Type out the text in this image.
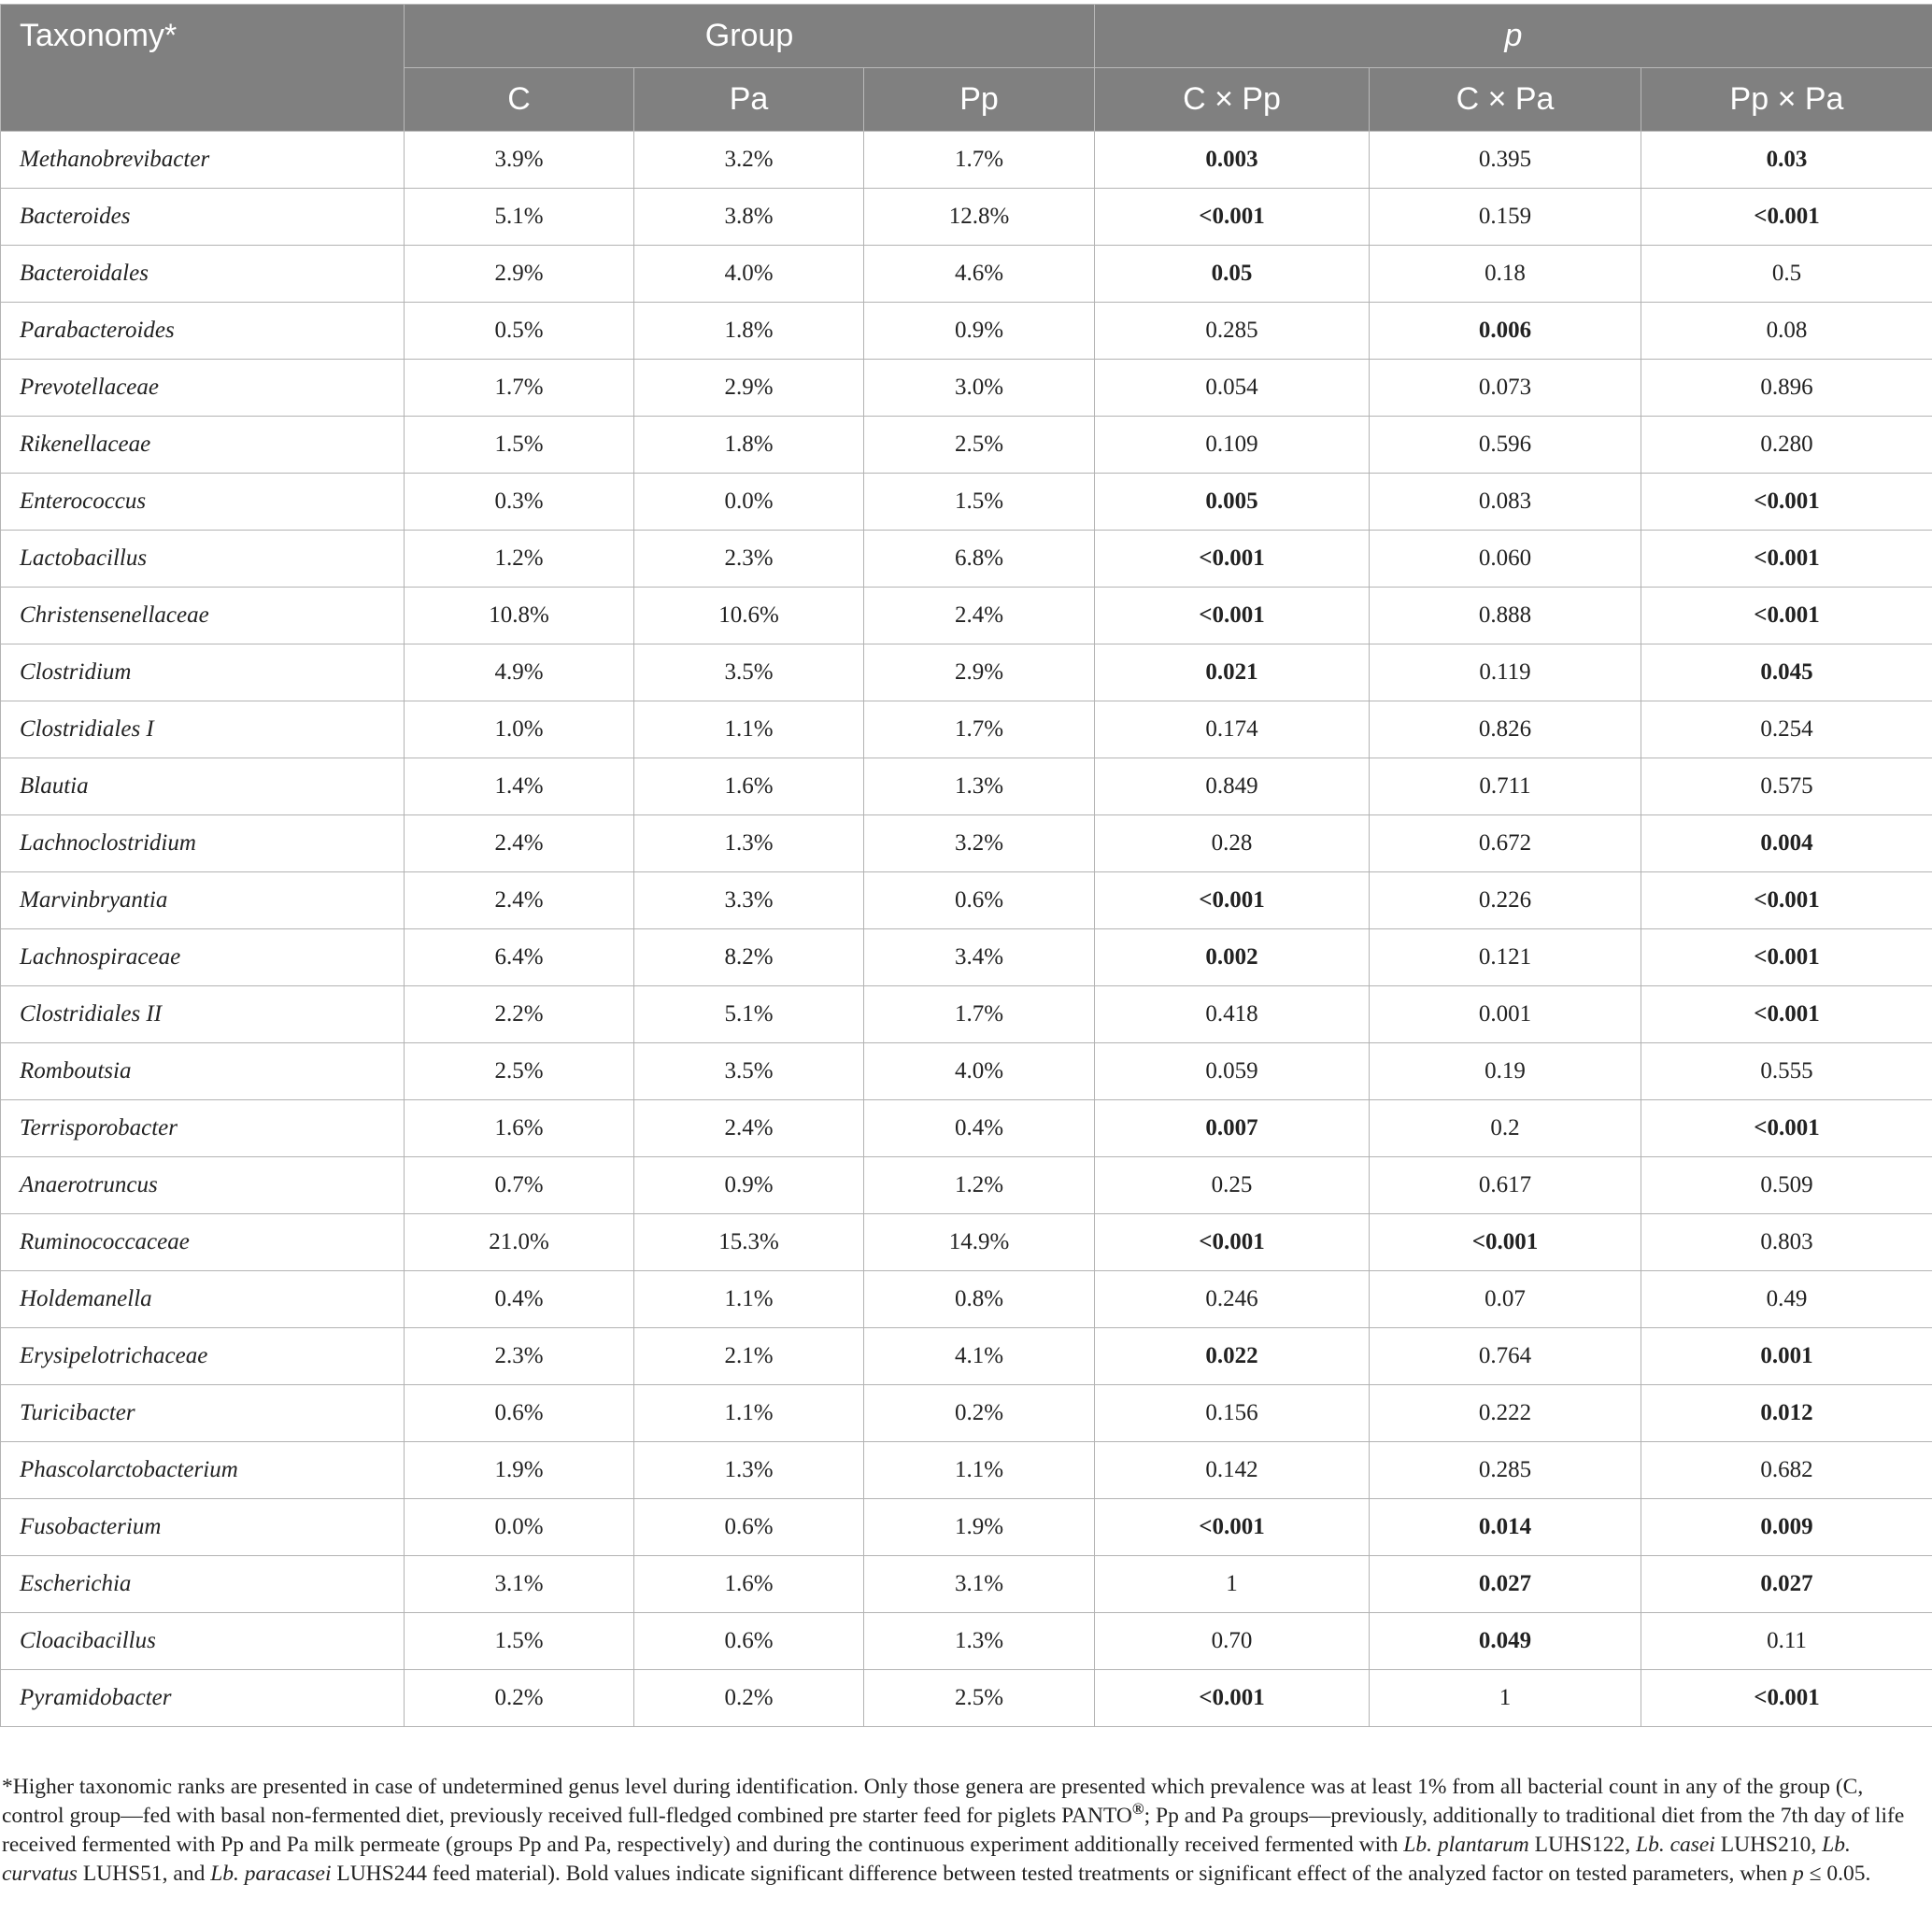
Taxonomy*	Group			p		
	C	Pa	Pp	C × Pp	C × Pa	Pp × Pa
Methanobrevibacter	3.9%	3.2%	1.7%	0.003	0.395	0.03
Bacteroides	5.1%	3.8%	12.8%	<0.001	0.159	<0.001
Bacteroidales	2.9%	4.0%	4.6%	0.05	0.18	0.5
Parabacteroides	0.5%	1.8%	0.9%	0.285	0.006	0.08
Prevotellaceae	1.7%	2.9%	3.0%	0.054	0.073	0.896
Rikenellaceae	1.5%	1.8%	2.5%	0.109	0.596	0.280
Enterococcus	0.3%	0.0%	1.5%	0.005	0.083	<0.001
Lactobacillus	1.2%	2.3%	6.8%	<0.001	0.060	<0.001
Christensenellaceae	10.8%	10.6%	2.4%	<0.001	0.888	<0.001
Clostridium	4.9%	3.5%	2.9%	0.021	0.119	0.045
Clostridiales I	1.0%	1.1%	1.7%	0.174	0.826	0.254
Blautia	1.4%	1.6%	1.3%	0.849	0.711	0.575
Lachnoclostridium	2.4%	1.3%	3.2%	0.28	0.672	0.004
Marvinbryantia	2.4%	3.3%	0.6%	<0.001	0.226	<0.001
Lachnospiraceae	6.4%	8.2%	3.4%	0.002	0.121	<0.001
Clostridiales II	2.2%	5.1%	1.7%	0.418	0.001	<0.001
Romboutsia	2.5%	3.5%	4.0%	0.059	0.19	0.555
Terrisporobacter	1.6%	2.4%	0.4%	0.007	0.2	<0.001
Anaerotruncus	0.7%	0.9%	1.2%	0.25	0.617	0.509
Ruminococcaceae	21.0%	15.3%	14.9%	<0.001	<0.001	0.803
Holdemanella	0.4%	1.1%	0.8%	0.246	0.07	0.49
Erysipelotrichaceae	2.3%	2.1%	4.1%	0.022	0.764	0.001
Turicibacter	0.6%	1.1%	0.2%	0.156	0.222	0.012
Phascolarctobacterium	1.9%	1.3%	1.1%	0.142	0.285	0.682
Fusobacterium	0.0%	0.6%	1.9%	<0.001	0.014	0.009
Escherichia	3.1%	1.6%	3.1%	1	0.027	0.027
Cloacibacillus	1.5%	0.6%	1.3%	0.70	0.049	0.11
Pyramidobacter	0.2%	0.2%	2.5%	<0.001	1	<0.001
*Higher taxonomic ranks are presented in case of undetermined genus level during identification. Only those genera are presented which prevalence was at least 1% from all bacterial count in any of the group (C, control group—fed with basal non-fermented diet, previously received full-fledged combined pre starter feed for piglets PANTO®; Pp and Pa groups—previously, additionally to traditional diet from the 7th day of life received fermented with Pp and Pa milk permeate (groups Pp and Pa, respectively) and during the continuous experiment additionally received fermented with Lb. plantarum LUHS122, Lb. casei LUHS210, Lb. curvatus LUHS51, and Lb. paracasei LUHS244 feed material). Bold values indicate significant difference between tested treatments or significant effect of the analyzed factor on tested parameters, when p ≤ 0.05.
